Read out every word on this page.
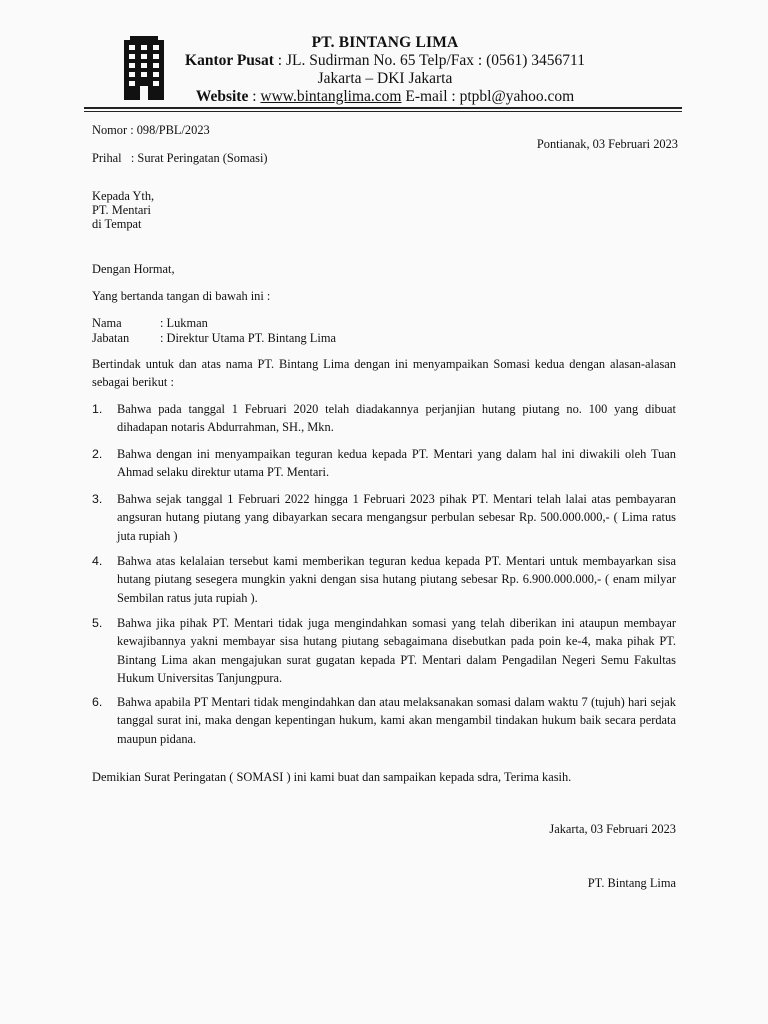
PT. BINTANG LIMA
Kantor Pusat : JL. Sudirman No. 65 Telp/Fax : (0561) 3456711
Jakarta – DKI Jakarta
Website : www.bintanglima.com E-mail : ptpbl@yahoo.com
Nomor : 098/PBL/2023
Pontianak, 03 Februari 2023
Prihal   : Surat Peringatan (Somasi)
Kepada Yth,
PT. Mentari
di Tempat
Dengan Hormat,
Yang bertanda tangan di bawah ini :
Nama	: Lukman
Jabatan : Direktur Utama PT. Bintang Lima
Bertindak untuk dan atas nama PT. Bintang Lima dengan ini menyampaikan Somasi kedua dengan alasan-alasan sebagai berikut :
1. Bahwa pada tanggal 1 Februari 2020 telah diadakannya perjanjian hutang piutang no. 100 yang dibuat dihadapan notaris Abdurrahman, SH., Mkn.
2. Bahwa dengan ini menyampaikan teguran kedua kepada PT. Mentari yang dalam hal ini diwakili oleh Tuan Ahmad selaku direktur utama PT. Mentari.
3. Bahwa sejak tanggal 1 Februari 2022 hingga 1 Februari 2023 pihak PT. Mentari telah lalai atas pembayaran angsuran hutang piutang yang dibayarkan secara mengangsur perbulan sebesar Rp. 500.000.000,- ( Lima ratus juta rupiah )
4. Bahwa atas kelalaian tersebut kami memberikan teguran kedua kepada PT. Mentari untuk membayarkan sisa hutang piutang sesegera mungkin yakni dengan sisa hutang piutang sebesar Rp. 6.900.000.000,- ( enam milyar Sembilan ratus juta rupiah ).
5. Bahwa jika pihak PT. Mentari tidak juga mengindahkan somasi yang telah diberikan ini ataupun membayar kewajibannya yakni membayar sisa hutang piutang sebagaimana disebutkan pada poin ke-4, maka pihak PT. Bintang Lima akan mengajukan surat gugatan kepada PT. Mentari dalam Pengadilan Negeri Semu Fakultas Hukum Universitas Tanjungpura.
6. Bahwa apabila PT Mentari tidak mengindahkan dan atau melaksanakan somasi dalam waktu 7 (tujuh) hari sejak tanggal surat ini, maka dengan kepentingan hukum, kami akan mengambil tindakan hukum baik secara perdata maupun pidana.
Demikian Surat Peringatan ( SOMASI ) ini kami buat dan sampaikan kepada sdra, Terima kasih.
Jakarta, 03 Februari 2023
PT. Bintang Lima
